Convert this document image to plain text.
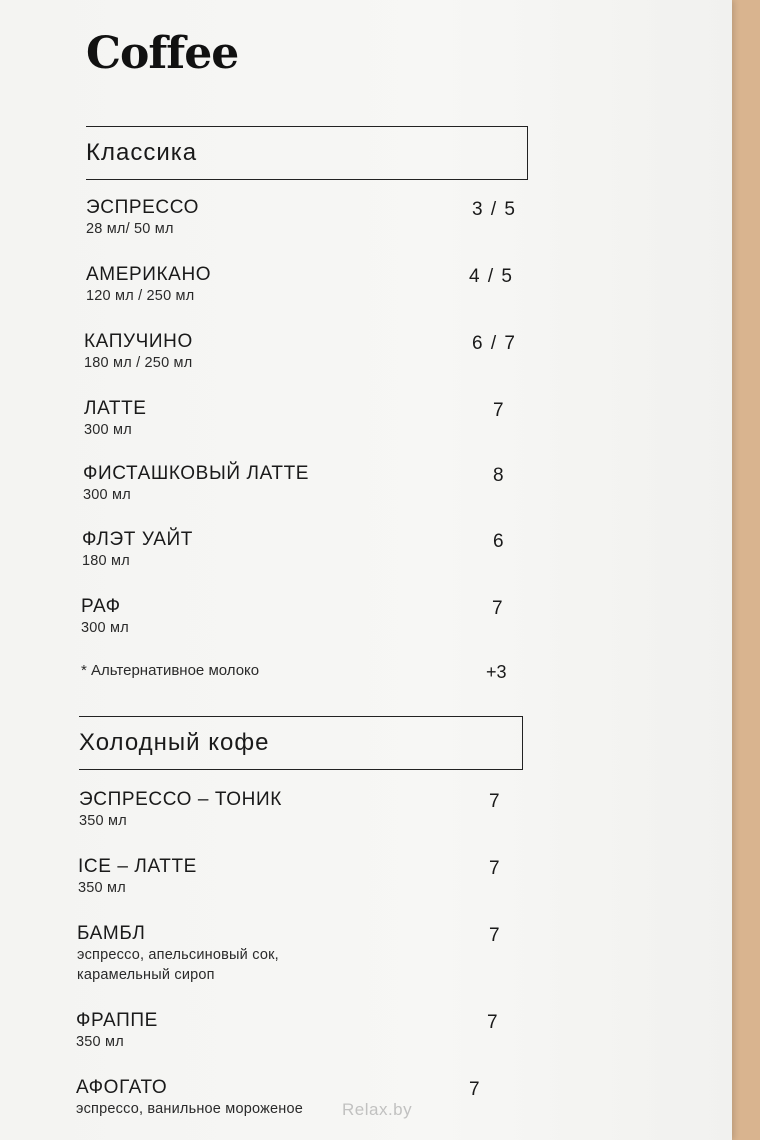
Coffee
Классика
ЭСПРЕССО
28 мл/ 50 мл
3 / 5
АМЕРИКАНО
120 мл / 250 мл
4 / 5
КАПУЧИНО
180 мл / 250 мл
6 / 7
ЛАТТЕ
300 мл
7
ФИСТАШКОВЫЙ ЛАТТЕ
300 мл
8
ФЛЭТ УАЙТ
180 мл
6
РАФ
300 мл
7
* Альтернативное молоко	+3
Холодный кофе
ЭСПРЕССО – ТОНИК
350 мл
7
ICE – ЛАТТЕ
350 мл
7
БАМБЛ
эспрессо, апельсиновый сок,
карамельный сироп
7
ФРАППЕ
350 мл
7
АФОГАТО
эспрессо, ванильное мороженое
7
Relax.by
